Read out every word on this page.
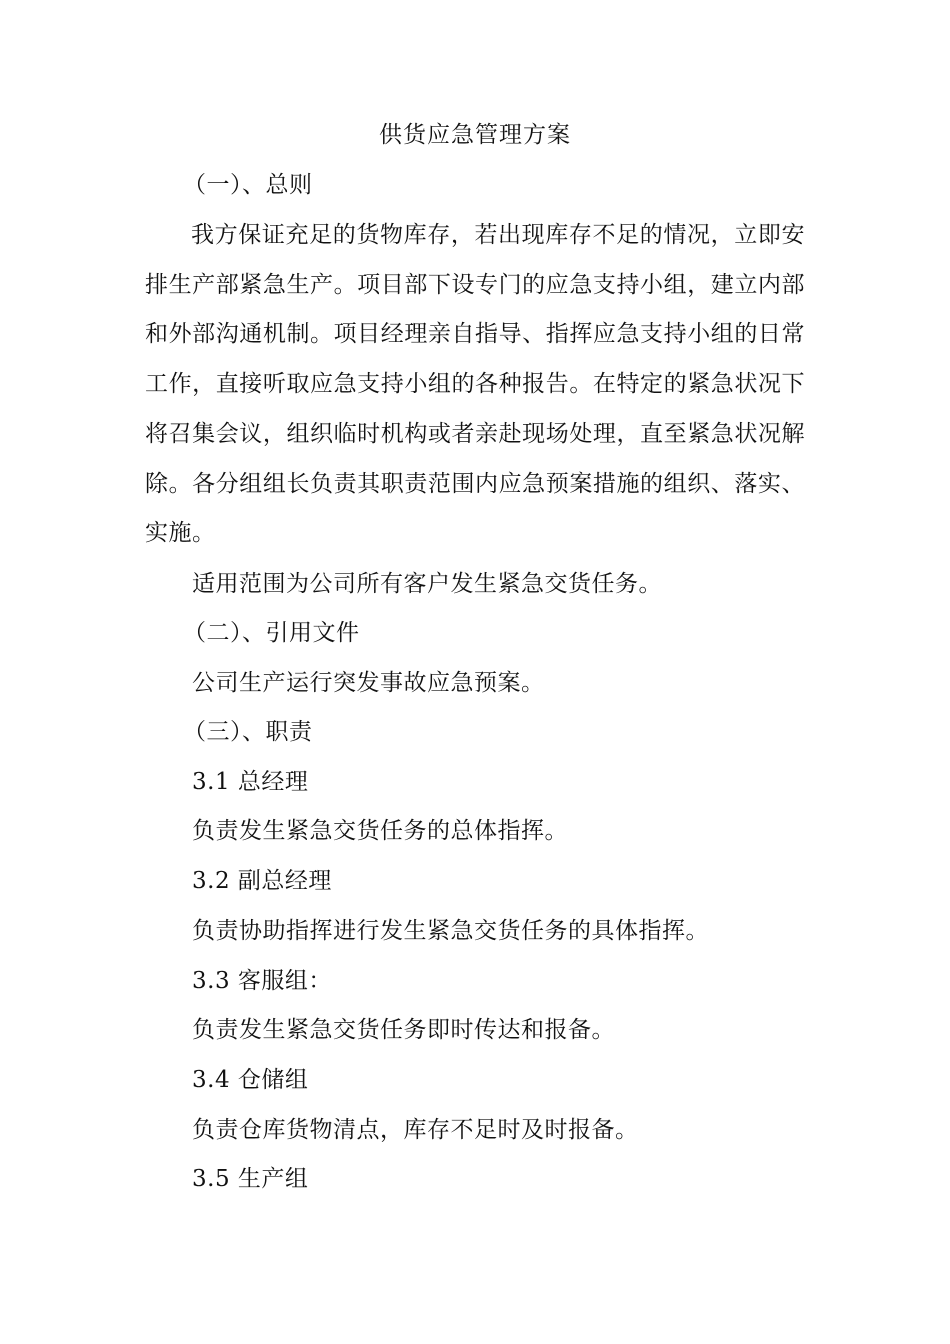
供货应急管理方案
（一）、总则
我方保证充足的货物库存，若出现库存不足的情况，立即安排生产部紧急生产。项目部下设专门的应急支持小组，建立内部和外部沟通机制。项目经理亲自指导、指挥应急支持小组的日常工作，直接听取应急支持小组的各种报告。在特定的紧急状况下将召集会议，组织临时机构或者亲赴现场处理，直至紧急状况解除。各分组组长负责其职责范围内应急预案措施的组织、落实、实施。
适用范围为公司所有客户发生紧急交货任务。
（二）、引用文件
公司生产运行突发事故应急预案。
（三）、职责
3.1 总经理
负责发生紧急交货任务的总体指挥。
3.2 副总经理
负责协助指挥进行发生紧急交货任务的具体指挥。
3.3 客服组：
负责发生紧急交货任务即时传达和报备。
3.4 仓储组
负责仓库货物清点，库存不足时及时报备。
3.5 生产组
